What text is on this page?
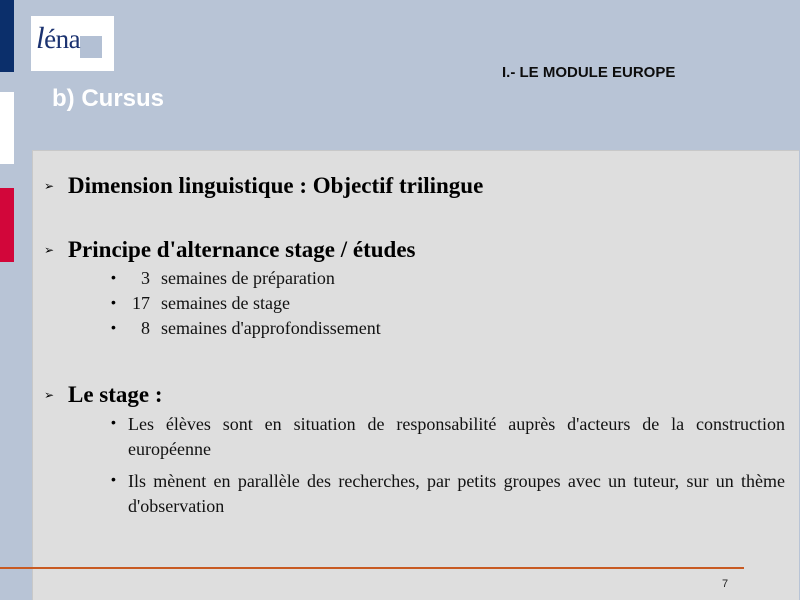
léna
I.- LE MODULE EUROPE
b) Cursus
➢ Dimension linguistique : Objectif trilingue
➢ Principe d'alternance stage / études
•	3 semaines de préparation
• 17 semaines de stage
•	8 semaines d'approfondissement
➢ Le stage :
• Les élèves sont en situation de responsabilité auprès d'acteurs de la construction européenne
• Ils mènent en parallèle des recherches, par petits groupes avec un tuteur, sur un thème d'observation
7
